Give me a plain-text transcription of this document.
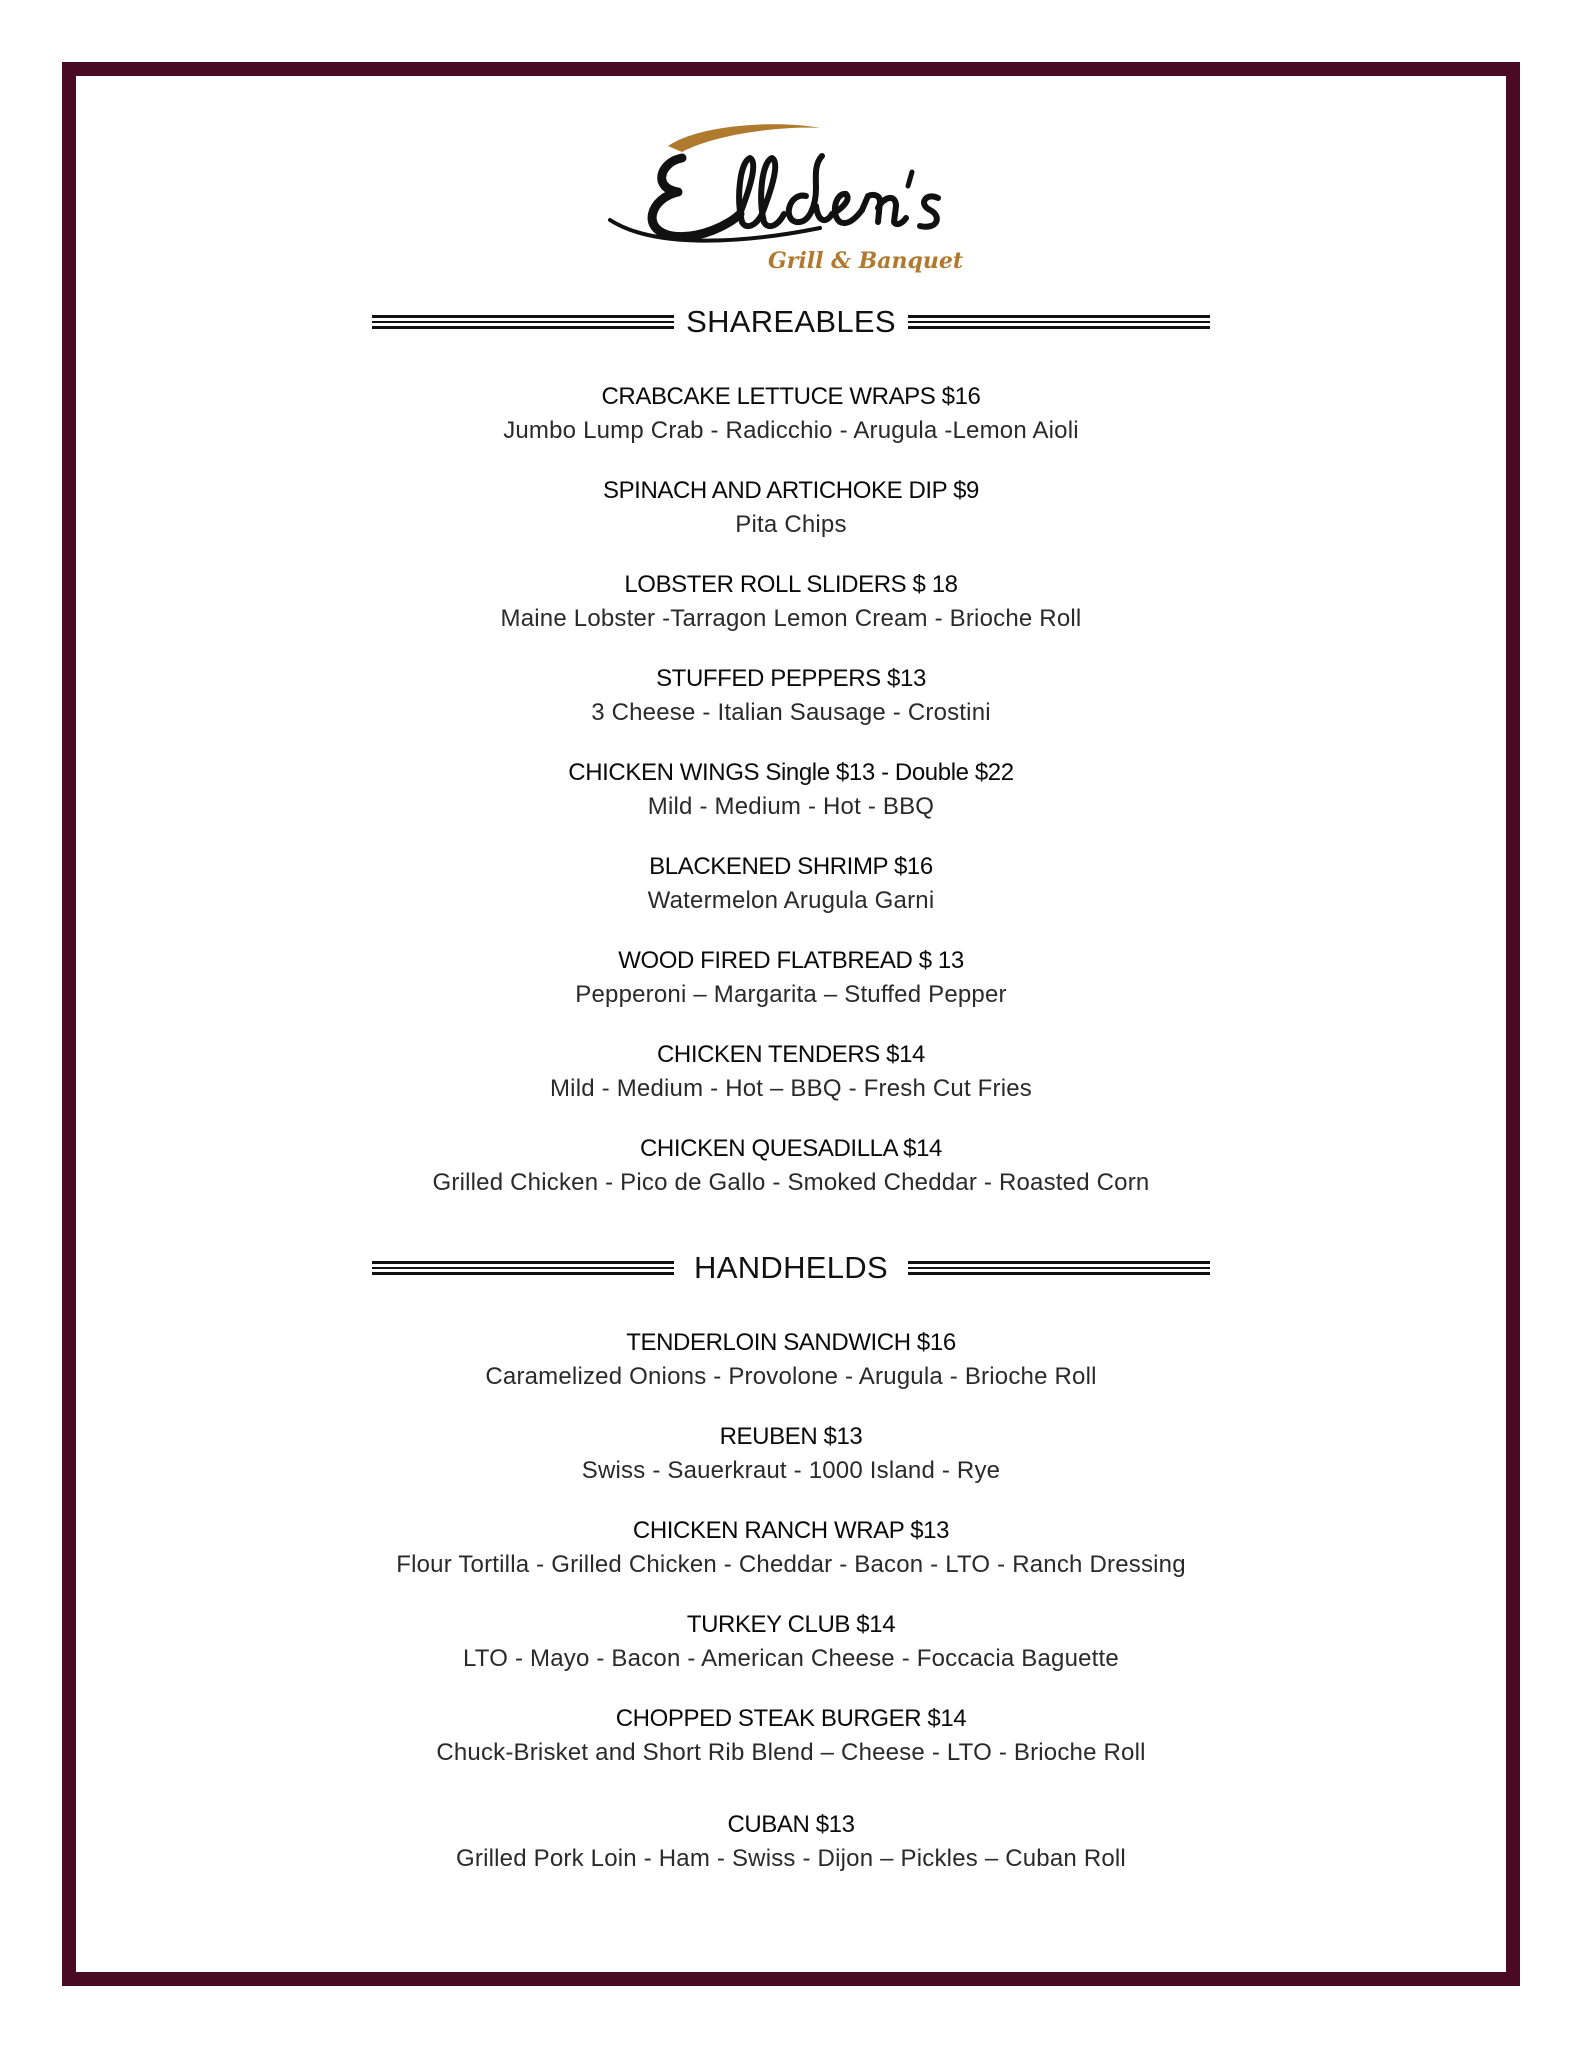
Grill & Banquet
SHAREABLES
CRABCAKE LETTUCE WRAPS $16
Jumbo Lump Crab - Radicchio - Arugula -Lemon Aioli
SPINACH AND ARTICHOKE DIP $9
Pita Chips
LOBSTER ROLL SLIDERS $ 18
Maine Lobster -Tarragon Lemon Cream - Brioche Roll
STUFFED PEPPERS $13
3 Cheese - Italian Sausage - Crostini
CHICKEN WINGS Single $13 - Double $22
Mild - Medium - Hot - BBQ
BLACKENED SHRIMP $16
Watermelon Arugula Garni
WOOD FIRED FLATBREAD $ 13
Pepperoni – Margarita – Stuffed Pepper
CHICKEN TENDERS $14
Mild - Medium - Hot – BBQ - Fresh Cut Fries
CHICKEN QUESADILLA $14
Grilled Chicken - Pico de Gallo - Smoked Cheddar - Roasted Corn
HANDHELDS
TENDERLOIN SANDWICH $16
Caramelized Onions - Provolone - Arugula - Brioche Roll
REUBEN $13
Swiss - Sauerkraut - 1000 Island - Rye
CHICKEN RANCH WRAP $13
Flour Tortilla - Grilled Chicken - Cheddar - Bacon - LTO - Ranch Dressing
TURKEY CLUB $14
LTO - Mayo - Bacon - American Cheese - Foccacia Baguette
CHOPPED STEAK BURGER $14
Chuck-Brisket and Short Rib Blend – Cheese - LTO - Brioche Roll
CUBAN $13
Grilled Pork Loin - Ham - Swiss - Dijon – Pickles – Cuban Roll
